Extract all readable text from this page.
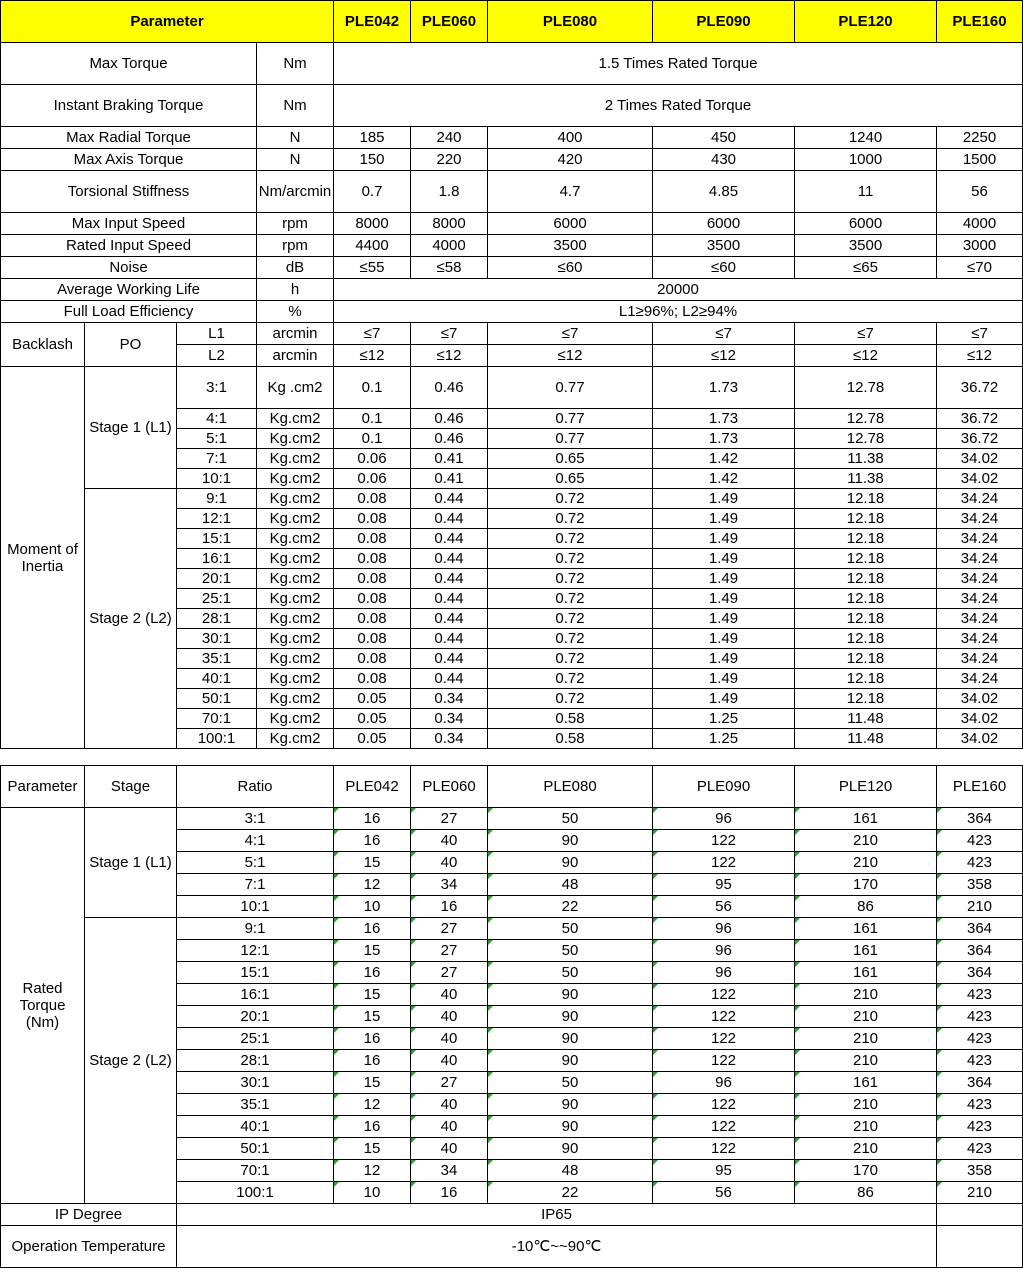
Parameter				PLE042	PLE060	PLE080	PLE090	PLE120	PLE160
Max Torque			Nm	1.5 Times Rated Torque					
Instant Braking Torque			Nm	2 Times Rated Torque					
Max Radial Torque			N	185	240	400	450	1240	2250
Max Axis Torque			N	150	220	420	430	1000	1500
Torsional Stiffness			Nm/arcmin	0.7	1.8	4.7	4.85	11	56
Max Input Speed			rpm	8000	8000	6000	6000	6000	4000
Rated Input Speed			rpm	4400	4000	3500	3500	3500	3000
Noise			dB	≤55	≤58	≤60	≤60	≤65	≤70
Average Working Life			h	20000					
Full Load Efficiency			%	L1≥96%; L2≥94%					
Backlash	PO	L1	arcmin	≤7	≤7	≤7	≤7	≤7	≤7
		L2	arcmin	≤12	≤12	≤12	≤12	≤12	≤12
Moment of Inertia	Stage 1 (L1)	3:1	Kg .cm2	0.1	0.46	0.77	1.73	12.78	36.72
		4:1	Kg.cm2	0.1	0.46	0.77	1.73	12.78	36.72
		5:1	Kg.cm2	0.1	0.46	0.77	1.73	12.78	36.72
		7:1	Kg.cm2	0.06	0.41	0.65	1.42	11.38	34.02
		10:1	Kg.cm2	0.06	0.41	0.65	1.42	11.38	34.02
	Stage 2 (L2)	9:1	Kg.cm2	0.08	0.44	0.72	1.49	12.18	34.24
		12:1	Kg.cm2	0.08	0.44	0.72	1.49	12.18	34.24
		15:1	Kg.cm2	0.08	0.44	0.72	1.49	12.18	34.24
		16:1	Kg.cm2	0.08	0.44	0.72	1.49	12.18	34.24
		20:1	Kg.cm2	0.08	0.44	0.72	1.49	12.18	34.24
		25:1	Kg.cm2	0.08	0.44	0.72	1.49	12.18	34.24
		28:1	Kg.cm2	0.08	0.44	0.72	1.49	12.18	34.24
		30:1	Kg.cm2	0.08	0.44	0.72	1.49	12.18	34.24
		35:1	Kg.cm2	0.08	0.44	0.72	1.49	12.18	34.24
		40:1	Kg.cm2	0.08	0.44	0.72	1.49	12.18	34.24
		50:1	Kg.cm2	0.05	0.34	0.72	1.49	12.18	34.02
		70:1	Kg.cm2	0.05	0.34	0.58	1.25	11.48	34.02
		100:1	Kg.cm2	0.05	0.34	0.58	1.25	11.48	34.02

Parameter	Stage	Ratio		PLE042	PLE060	PLE080	PLE090	PLE120	PLE160
Rated Torque (Nm)	Stage 1 (L1)	3:1		16	27	50	96	161	364
		4:1		16	40	90	122	210	423
		5:1		15	40	90	122	210	423
		7:1		12	34	48	95	170	358
		10:1		10	16	22	56	86	210
	Stage 2 (L2)	9:1		16	27	50	96	161	364
		12:1		15	27	50	96	161	364
		15:1		16	27	50	96	161	364
		16:1		15	40	90	122	210	423
		20:1		15	40	90	122	210	423
		25:1		16	40	90	122	210	423
		28:1		16	40	90	122	210	423
		30:1		15	27	50	96	161	364
		35:1		12	40	90	122	210	423
		40:1		16	40	90	122	210	423
		50:1		15	40	90	122	210	423
		70:1		12	34	48	95	170	358
		100:1		10	16	22	56	86	210
IP Degree		IP65							
Operation Temperature		-10℃~~90℃							
